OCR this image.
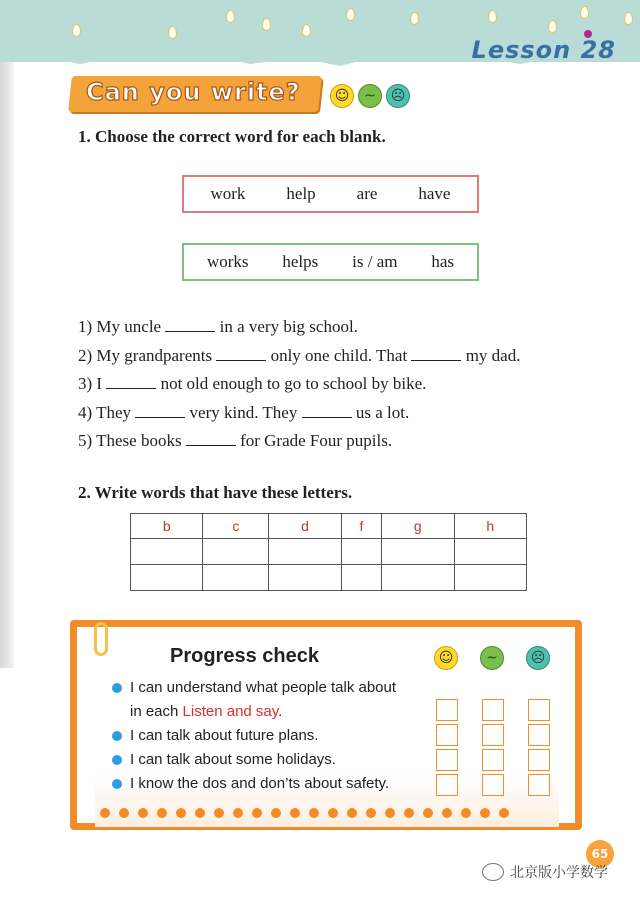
Lesson 28
Can you write?	☺	~	☹
1. Choose the correct word for each blank.
work help are have
works helps is / am has
1) My uncle	in a very big school.
2) My grandparents	only one child. That	my dad.
3) I	not old enough to go to school by bike.
4) They	very kind. They	us a lot.
5) These books	for Grade Four pupils.
2. Write words that have these letters.
b	c	d	f	g	h

Progress check	☺	~	☹
I can understand what people talk about
in each Listen and say.
I can talk about future plans.
I can talk about some holidays.
I know the dos and don’ts about safety.
65
北京版小学数学
